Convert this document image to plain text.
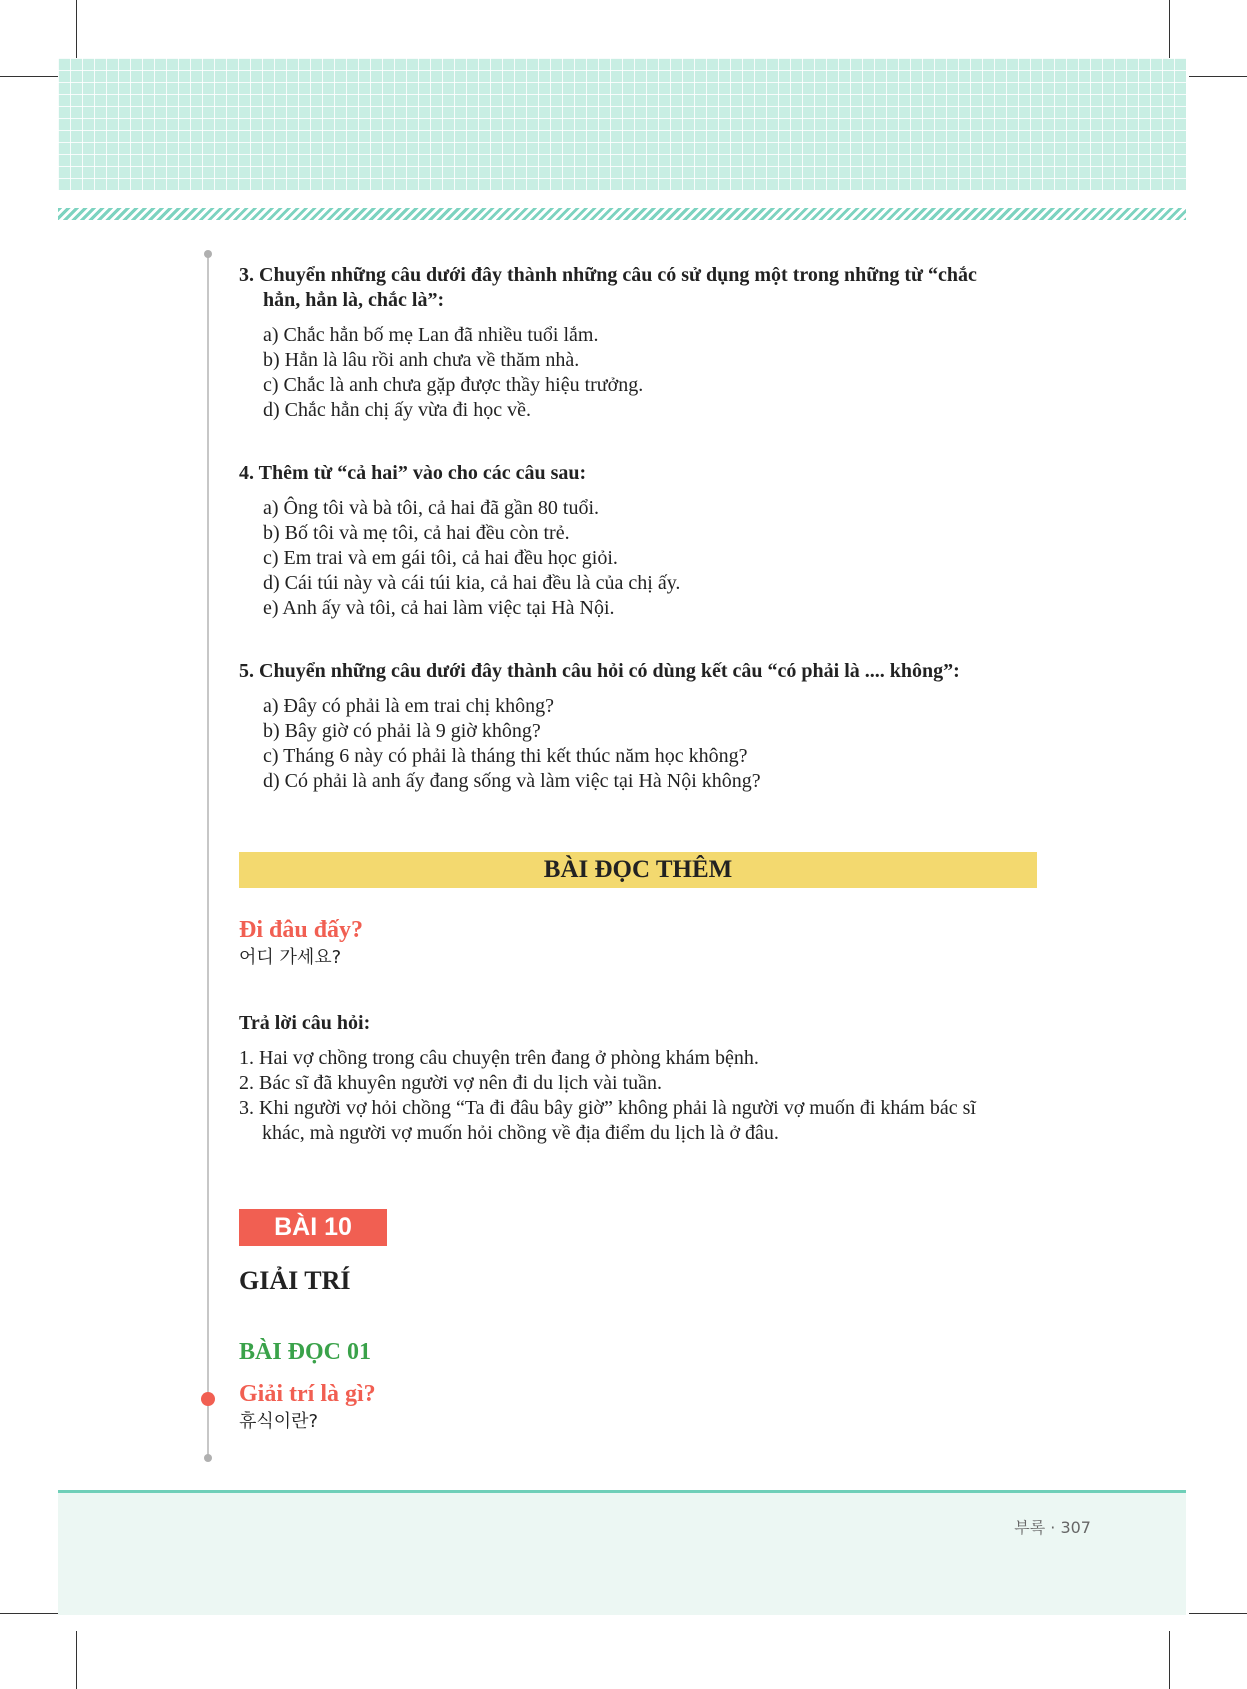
3. Chuyển những câu dưới đây thành những câu có sử dụng một trong những từ “chắc
hẳn, hẳn là, chắc là”:

a) Chắc hẳn bố mẹ Lan đã nhiều tuổi lắm.
b) Hẳn là lâu rồi anh chưa về thăm nhà.
c) Chắc là anh chưa gặp được thầy hiệu trưởng.
d) Chắc hẳn chị ấy vừa đi học về.

4. Thêm từ “cả hai” vào cho các câu sau:

a) Ông tôi và bà tôi, cả hai đã gần 80 tuổi.
b) Bố tôi và mẹ tôi, cả hai đều còn trẻ.
c) Em trai và em gái tôi, cả hai đều học giỏi.
d) Cái túi này và cái túi kia, cả hai đều là của chị ấy.
e) Anh ấy và tôi, cả hai làm việc tại Hà Nội.

5. Chuyển những câu dưới đây thành câu hỏi có dùng kết câu “có phải là .... không”:

a) Đây có phải là em trai chị không?
b) Bây giờ có phải là 9 giờ không?
c) Tháng 6 này có phải là tháng thi kết thúc năm học không?
d) Có phải là anh ấy đang sống và làm việc tại Hà Nội không?
BÀI ĐỌC THÊM

Đi đâu đấy?

어디 가세요?

Trả lời câu hỏi:

1. Hai vợ chồng trong câu chuyện trên đang ở phòng khám bệnh.
2. Bác sĩ đã khuyên người vợ nên đi du lịch vài tuần.
3. Khi người vợ hỏi chồng “Ta đi đâu bây giờ” không phải là người vợ muốn đi khám bác sĩ
khác, mà người vợ muốn hỏi chồng về địa điểm du lịch là ở đâu.
BÀI 10

GIẢI TRÍ

BÀI ĐỌC 01

Giải trí là gì?

휴식이란?

부록 · 307
